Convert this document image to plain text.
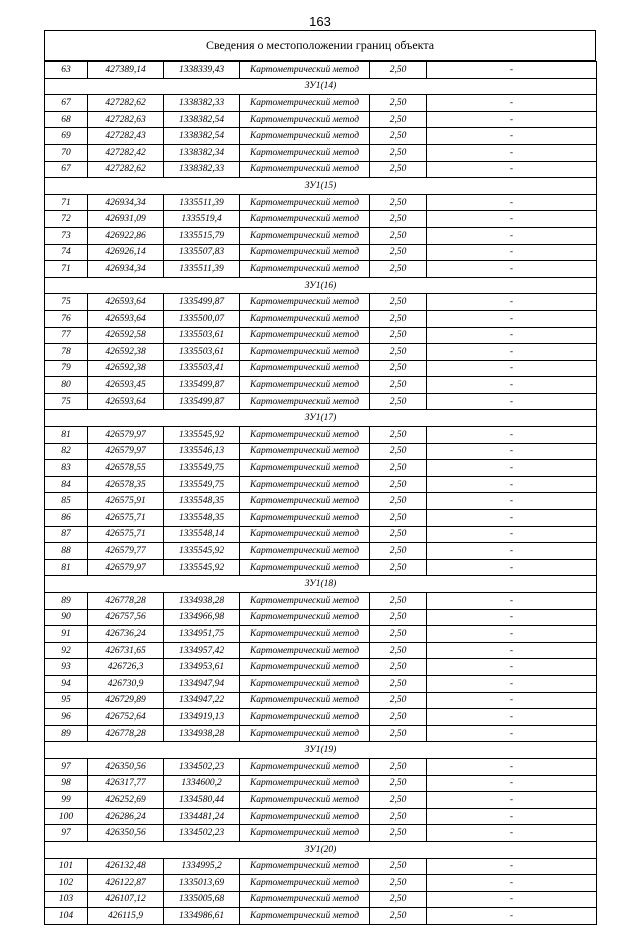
163
Сведения о местоположении границ объекта
63	427389,14	1338339,43	Картометрический метод	2,50	-
ЗУ1(14)					
67	427282,62	1338382,33	Картометрический метод	2,50	-
68	427282,63	1338382,54	Картометрический метод	2,50	-
69	427282,43	1338382,54	Картометрический метод	2,50	-
70	427282,42	1338382,34	Картометрический метод	2,50	-
67	427282,62	1338382,33	Картометрический метод	2,50	-
ЗУ1(15)					
71	426934,34	1335511,39	Картометрический метод	2,50	-
72	426931,09	1335519,4	Картометрический метод	2,50	-
73	426922,86	1335515,79	Картометрический метод	2,50	-
74	426926,14	1335507,83	Картометрический метод	2,50	-
71	426934,34	1335511,39	Картометрический метод	2,50	-
ЗУ1(16)					
75	426593,64	1335499,87	Картометрический метод	2,50	-
76	426593,64	1335500,07	Картометрический метод	2,50	-
77	426592,58	1335503,61	Картометрический метод	2,50	-
78	426592,38	1335503,61	Картометрический метод	2,50	-
79	426592,38	1335503,41	Картометрический метод	2,50	-
80	426593,45	1335499,87	Картометрический метод	2,50	-
75	426593,64	1335499,87	Картометрический метод	2,50	-
ЗУ1(17)					
81	426579,97	1335545,92	Картометрический метод	2,50	-
82	426579,97	1335546,13	Картометрический метод	2,50	-
83	426578,55	1335549,75	Картометрический метод	2,50	-
84	426578,35	1335549,75	Картометрический метод	2,50	-
85	426575,91	1335548,35	Картометрический метод	2,50	-
86	426575,71	1335548,35	Картометрический метод	2,50	-
87	426575,71	1335548,14	Картометрический метод	2,50	-
88	426579,77	1335545,92	Картометрический метод	2,50	-
81	426579,97	1335545,92	Картометрический метод	2,50	-
ЗУ1(18)					
89	426778,28	1334938,28	Картометрический метод	2,50	-
90	426757,56	1334966,98	Картометрический метод	2,50	-
91	426736,24	1334951,75	Картометрический метод	2,50	-
92	426731,65	1334957,42	Картометрический метод	2,50	-
93	426726,3	1334953,61	Картометрический метод	2,50	-
94	426730,9	1334947,94	Картометрический метод	2,50	-
95	426729,89	1334947,22	Картометрический метод	2,50	-
96	426752,64	1334919,13	Картометрический метод	2,50	-
89	426778,28	1334938,28	Картометрический метод	2,50	-
ЗУ1(19)					
97	426350,56	1334502,23	Картометрический метод	2,50	-
98	426317,77	1334600,2	Картометрический метод	2,50	-
99	426252,69	1334580,44	Картометрический метод	2,50	-
100	426286,24	1334481,24	Картометрический метод	2,50	-
97	426350,56	1334502,23	Картометрический метод	2,50	-
ЗУ1(20)					
101	426132,48	1334995,2	Картометрический метод	2,50	-
102	426122,87	1335013,69	Картометрический метод	2,50	-
103	426107,12	1335005,68	Картометрический метод	2,50	-
104	426115,9	1334986,61	Картометрический метод	2,50	-
